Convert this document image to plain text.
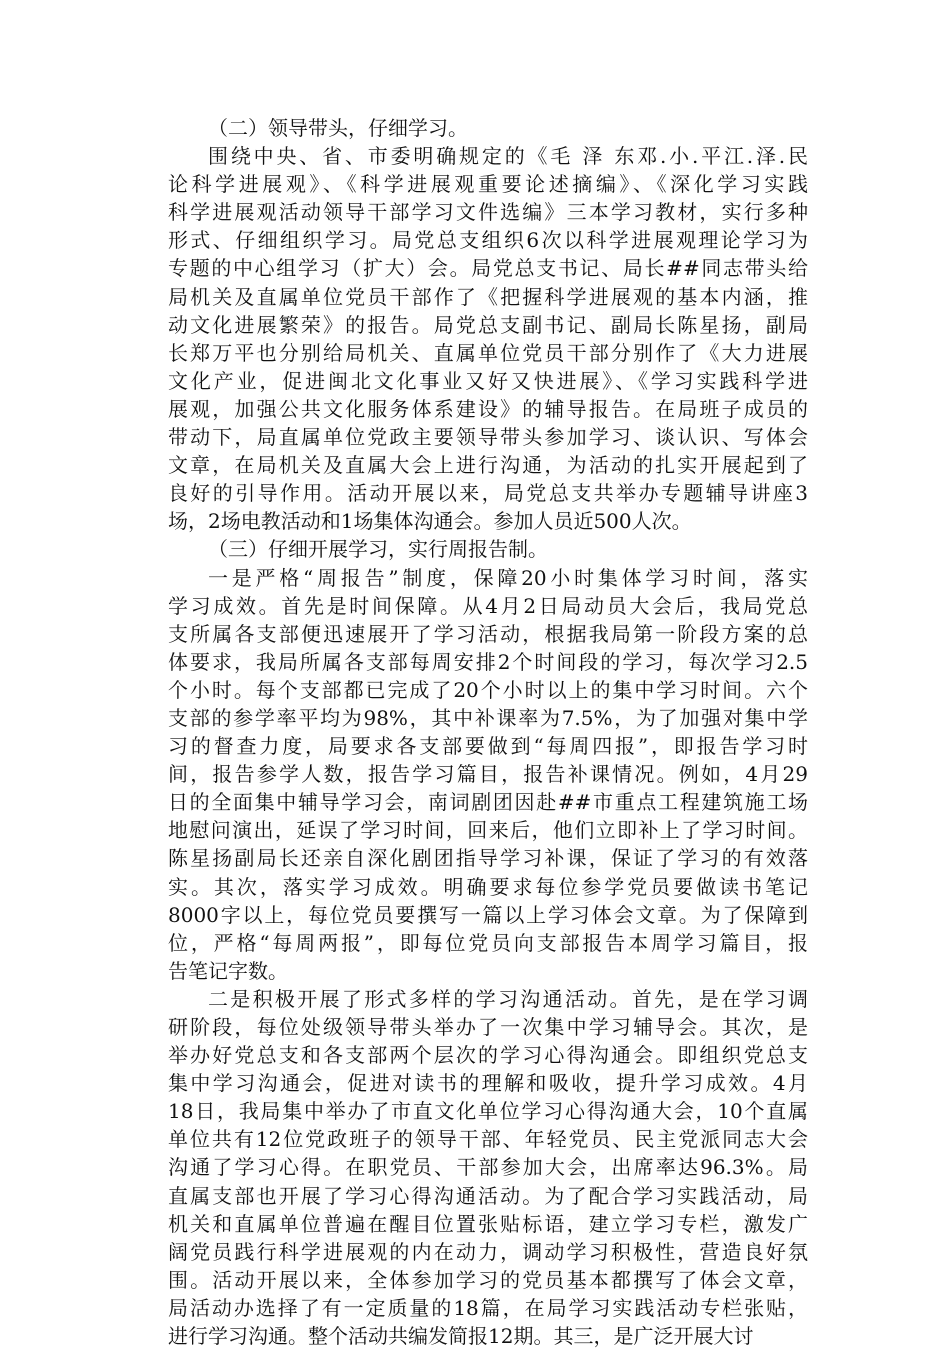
（二）领导带头，仔细学习。
围绕中央、省、市委明确规定的《毛 泽 东邓.小.平江.泽.民
论科学进展观》、《科学进展观重要论述摘编》、《深化学习实践
科学进展观活动领导干部学习文件选编》三本学习教材，实行多种
形式、仔细组织学习。局党总支组织6次以科学进展观理论学习为
专题的中心组学习（扩大）会。局党总支书记、局长##同志带头给
局机关及直属单位党员干部作了《把握科学进展观的基本内涵，推
动文化进展繁荣》的报告。局党总支副书记、副局长陈星扬，副局
长郑万平也分别给局机关、直属单位党员干部分别作了《大力进展
文化产业，促进闽北文化事业又好又快进展》、《学习实践科学进
展观，加强公共文化服务体系建设》的辅导报告。在局班子成员的
带动下，局直属单位党政主要领导带头参加学习、谈认识、写体会
文章，在局机关及直属大会上进行沟通，为活动的扎实开展起到了
良好的引导作用。活动开展以来，局党总支共举办专题辅导讲座3
场，2场电教活动和1场集体沟通会。参加人员近500人次。
（三）仔细开展学习，实行周报告制。
一是严格“周报告”制度，保障20小时集体学习时间，落实
学习成效。首先是时间保障。从4月2日局动员大会后，我局党总
支所属各支部便迅速展开了学习活动，根据我局第一阶段方案的总
体要求，我局所属各支部每周安排2个时间段的学习，每次学习2.5
个小时。每个支部都已完成了20个小时以上的集中学习时间。六个
支部的参学率平均为98%，其中补课率为7.5%，为了加强对集中学
习的督查力度，局要求各支部要做到“每周四报”，即报告学习时
间，报告参学人数，报告学习篇目，报告补课情况。例如，4月29
日的全面集中辅导学习会，南词剧团因赴##市重点工程建筑施工场
地慰问演出，延误了学习时间，回来后，他们立即补上了学习时间。
陈星扬副局长还亲自深化剧团指导学习补课，保证了学习的有效落
实。其次，落实学习成效。明确要求每位参学党员要做读书笔记
8000字以上，每位党员要撰写一篇以上学习体会文章。为了保障到
位，严格“每周两报”，即每位党员向支部报告本周学习篇目，报
告笔记字数。
二是积极开展了形式多样的学习沟通活动。首先，是在学习调
研阶段，每位处级领导带头举办了一次集中学习辅导会。其次，是
举办好党总支和各支部两个层次的学习心得沟通会。即组织党总支
集中学习沟通会，促进对读书的理解和吸收，提升学习成效。4月
18日，我局集中举办了市直文化单位学习心得沟通大会，10个直属
单位共有12位党政班子的领导干部、年轻党员、民主党派同志大会
沟通了学习心得。在职党员、干部参加大会，出席率达96.3%。局
直属支部也开展了学习心得沟通活动。为了配合学习实践活动，局
机关和直属单位普遍在醒目位置张贴标语，建立学习专栏，激发广
阔党员践行科学进展观的内在动力，调动学习积极性，营造良好氛
围。活动开展以来，全体参加学习的党员基本都撰写了体会文章，
局活动办选择了有一定质量的18篇，在局学习实践活动专栏张贴，
进行学习沟通。整个活动共编发简报12期。其三，是广泛开展大讨
